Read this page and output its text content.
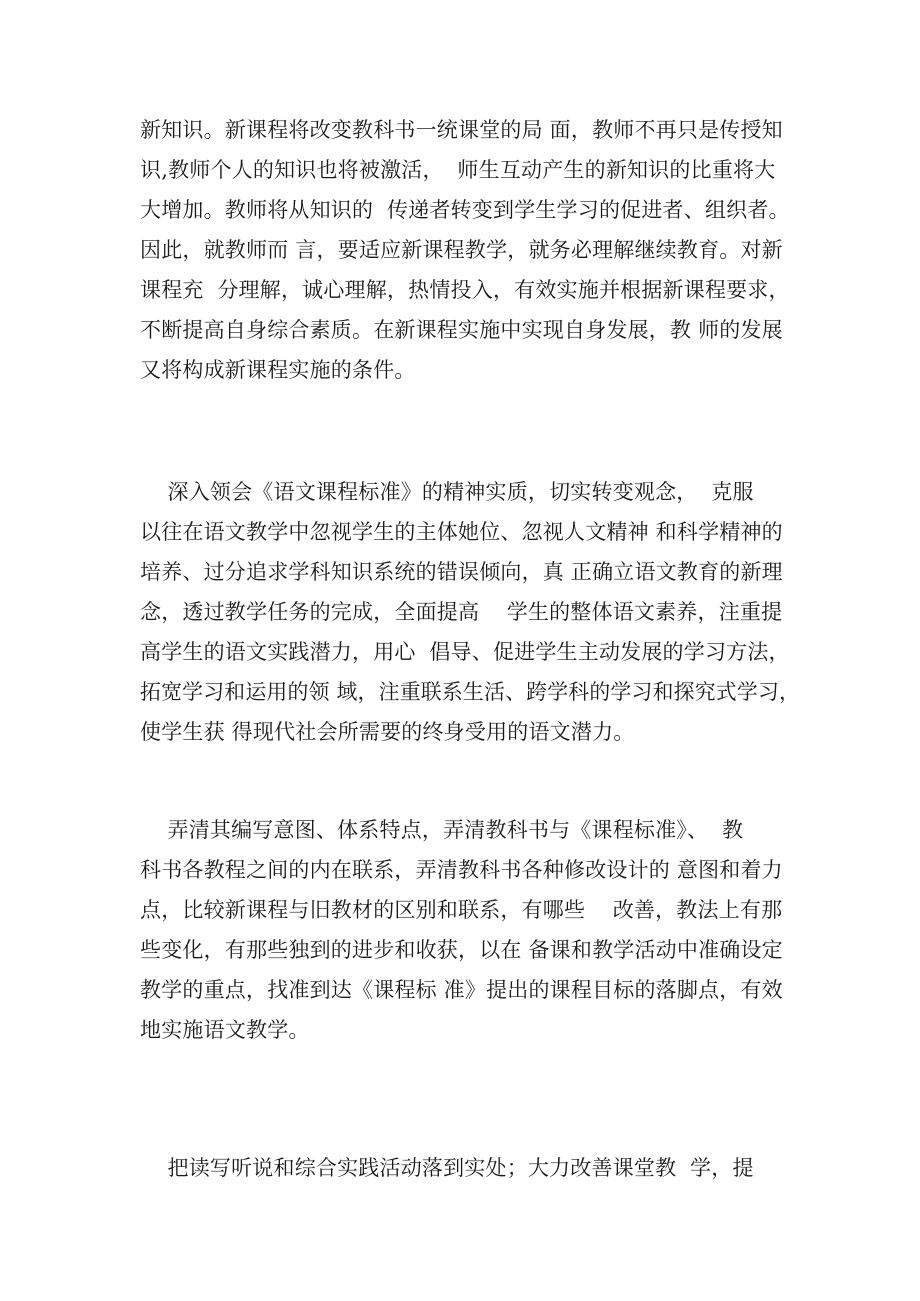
新知识。新课程将改变教科书一统课堂的局 面，教师不再只是传授知
识,教师个人的知识也将被激活，  师生互动产生的新知识的比重将大
大增加。教师将从知识的  传递者转变到学生学习的促进者、组织者。
因此，就教师而 言，要适应新课程教学，就务必理解继续教育。对新
课程充  分理解，诚心理解，热情投入，有效实施并根据新课程要求，
不断提高自身综合素质。在新课程实施中实现自身发展，教 师的发展
又将构成新课程实施的条件。
深入领会《语文课程标准》的精神实质，切实转变观念，  克服
以往在语文教学中忽视学生的主体她位、忽视人文精神 和科学精神的
培养、过分追求学科知识系统的错误倾向，真 正确立语文教育的新理
念，透过教学任务的完成，全面提高    学生的整体语文素养，注重提
高学生的语文实践潜力，用心  倡导、促进学生主动发展的学习方法，
拓宽学习和运用的领 域，注重联系生活、跨学科的学习和探究式学习，
使学生获 得现代社会所需要的终身受用的语文潜力。
弄清其编写意图、体系特点，弄清教科书与《课程标准》、  教
科书各教程之间的内在联系，弄清教科书各种修改设计的 意图和着力
点，比较新课程与旧教材的区别和联系，有哪些    改善，教法上有那
些变化，有那些独到的进步和收获，以在 备课和教学活动中准确设定
教学的重点，找准到达《课程标 准》提出的课程目标的落脚点，有效
地实施语文教学。
把读写听说和综合实践活动落到实处；大力改善课堂教  学，提
